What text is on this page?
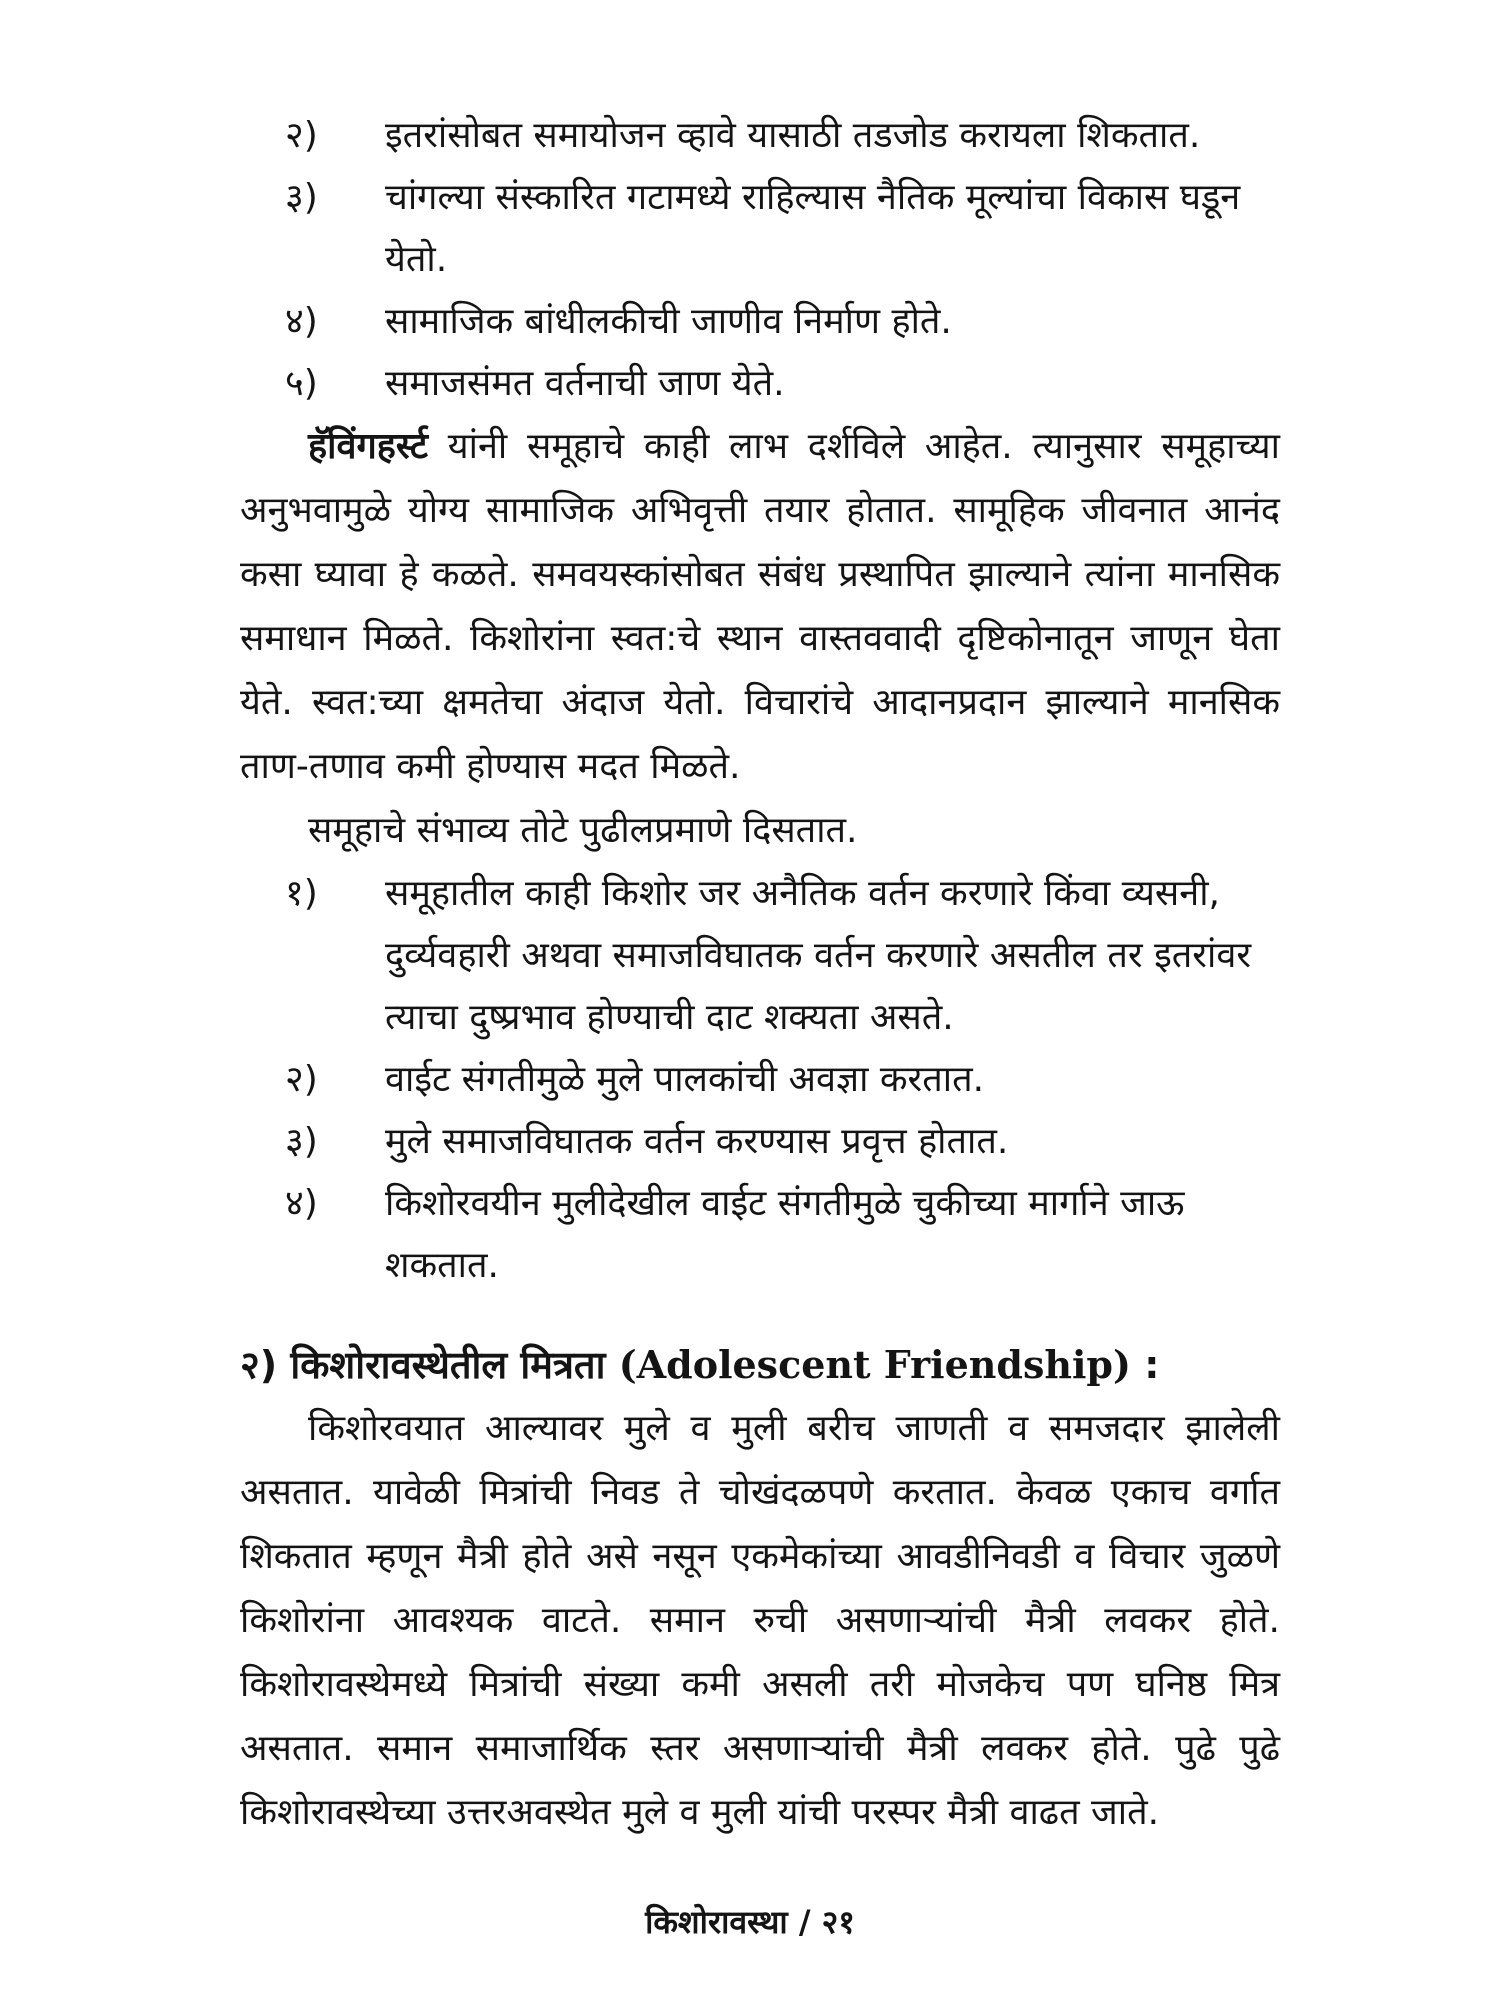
२)	इतरांसोबत समायोजन व्हावे यासाठी तडजोड करायला शिकतात.

३)	चांगल्या संस्कारित गटामध्ये राहिल्यास नैतिक मूल्यांचा विकास घडून येतो.

४)	सामाजिक बांधीलकीची जाणीव निर्माण होते.

५)	समाजसंमत वर्तनाची जाण येते.

हॅविंगहर्स्ट यांनी समूहाचे काही लाभ दर्शविले आहेत. त्यानुसार समूहाच्या अनुभवामुळे योग्य सामाजिक अभिवृत्ती तयार होतात. सामूहिक जीवनात आनंद कसा घ्यावा हे कळते. समवयस्कांसोबत संबंध प्रस्थापित झाल्याने त्यांना मानसिक समाधान मिळते. किशोरांना स्वत:चे स्थान वास्तववादी दृष्टिकोनातून जाणून घेता येते. स्वत:च्या क्षमतेचा अंदाज येतो. विचारांचे आदानप्रदान झाल्याने मानसिक ताण-तणाव कमी होण्यास मदत मिळते.

समूहाचे संभाव्य तोटे पुढीलप्रमाणे दिसतात.

१)	समूहातील काही किशोर जर अनैतिक वर्तन करणारे किंवा व्यसनी, दुर्व्यवहारी अथवा समाजविघातक वर्तन करणारे असतील तर इतरांवर त्याचा दुष्प्रभाव होण्याची दाट शक्यता असते.

२)	वाईट संगतीमुळे मुले पालकांची अवज्ञा करतात.

३)	मुले समाजविघातक वर्तन करण्यास प्रवृत्त होतात.

४)	किशोरवयीन मुलीदेखील वाईट संगतीमुळे चुकीच्या मार्गाने जाऊ शकतात.

२) किशोरावस्थेतील मित्रता (Adolescent Friendship) :

किशोरवयात आल्यावर मुले व मुली बरीच जाणती व समजदार झालेली असतात. यावेळी मित्रांची निवड ते चोखंदळपणे करतात. केवळ एकाच वर्गात शिकतात म्हणून मैत्री होते असे नसून एकमेकांच्या आवडीनिवडी व विचार जुळणे किशोरांना आवश्यक वाटते. समान रुची असणाऱ्यांची मैत्री लवकर होते. किशोरावस्थेमध्ये मित्रांची संख्या कमी असली तरी मोजकेच पण घनिष्ठ मित्र असतात. समान समाजार्थिक स्तर असणाऱ्यांची मैत्री लवकर होते. पुढे पुढे किशोरावस्थेच्या उत्तरअवस्थेत मुले व मुली यांची परस्पर मैत्री वाढत जाते.

किशोरावस्था / २१
